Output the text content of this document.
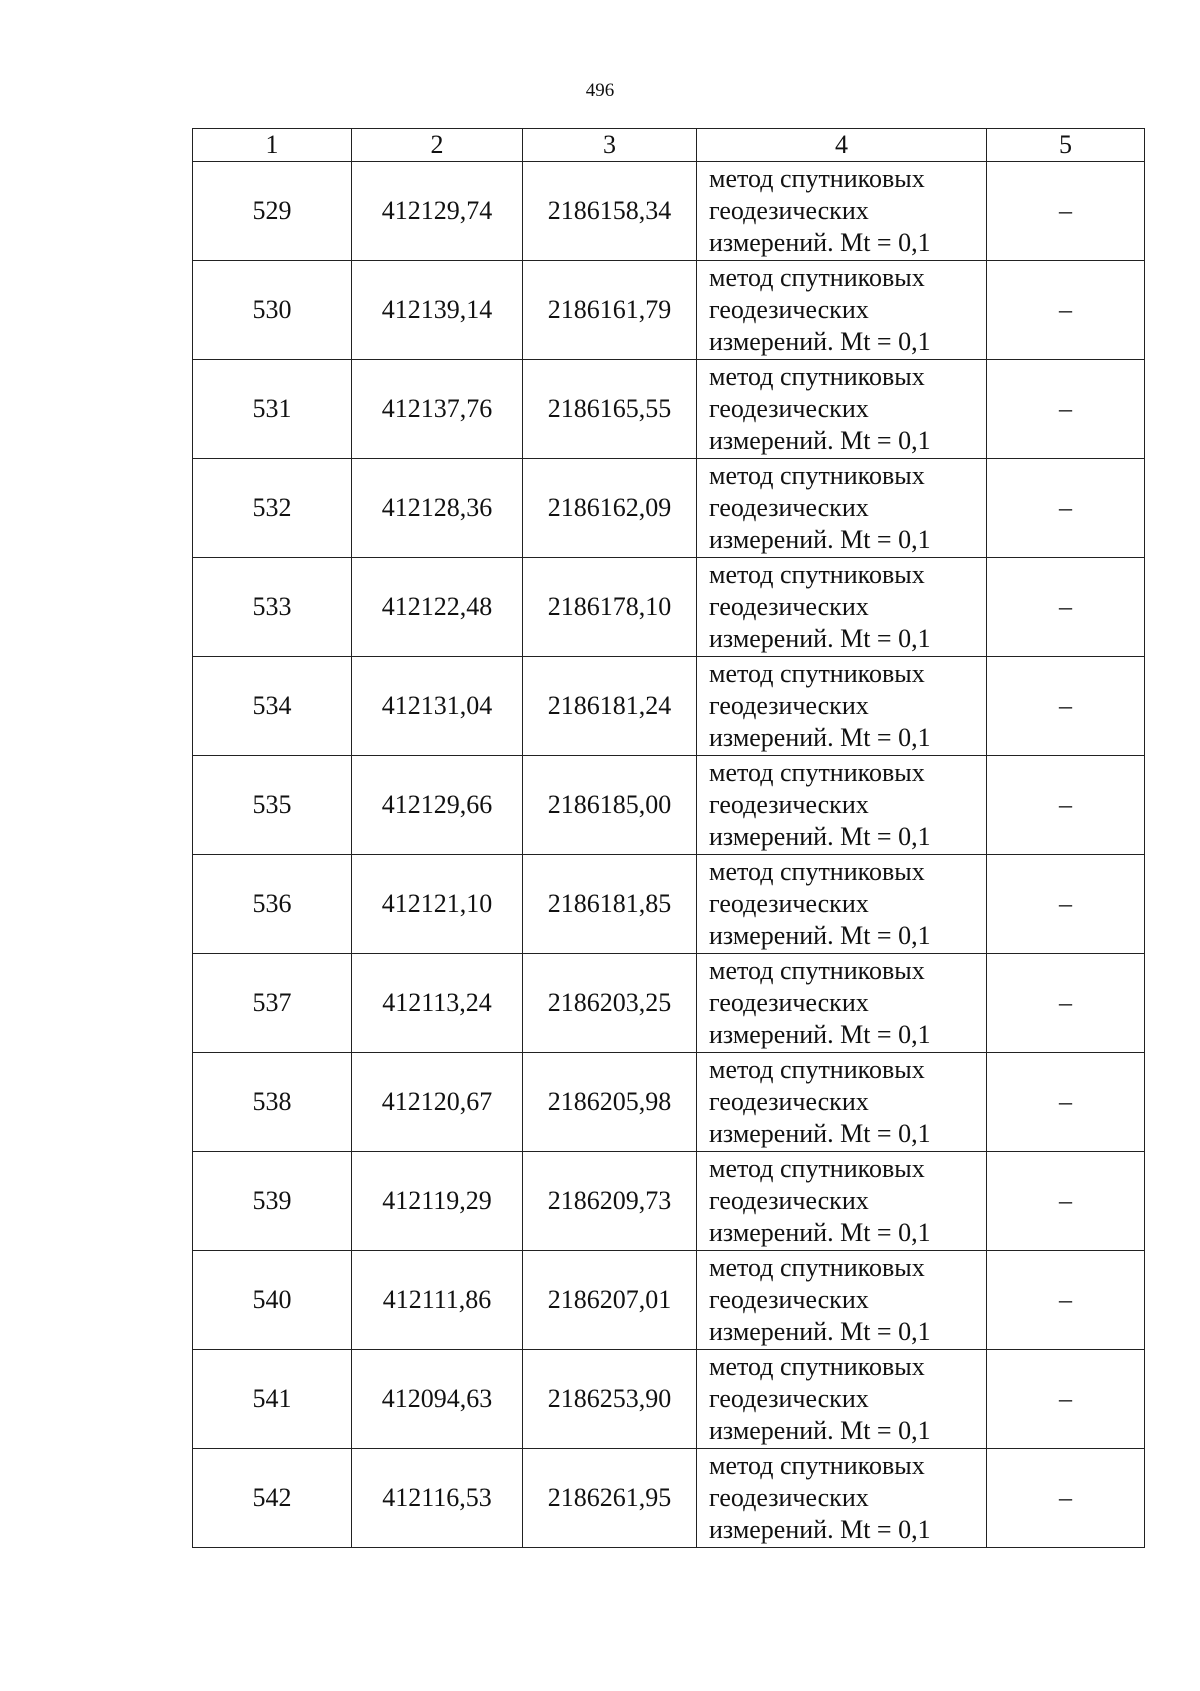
496
1	2	3	4	5
529	412129,74	2186158,34	метод спутниковых
геодезических
измерений. Mt = 0,1	–
530	412139,14	2186161,79	метод спутниковых
геодезических
измерений. Mt = 0,1	–
531	412137,76	2186165,55	метод спутниковых
геодезических
измерений. Mt = 0,1	–
532	412128,36	2186162,09	метод спутниковых
геодезических
измерений. Mt = 0,1	–
533	412122,48	2186178,10	метод спутниковых
геодезических
измерений. Mt = 0,1	–
534	412131,04	2186181,24	метод спутниковых
геодезических
измерений. Mt = 0,1	–
535	412129,66	2186185,00	метод спутниковых
геодезических
измерений. Mt = 0,1	–
536	412121,10	2186181,85	метод спутниковых
геодезических
измерений. Mt = 0,1	–
537	412113,24	2186203,25	метод спутниковых
геодезических
измерений. Mt = 0,1	–
538	412120,67	2186205,98	метод спутниковых
геодезических
измерений. Mt = 0,1	–
539	412119,29	2186209,73	метод спутниковых
геодезических
измерений. Mt = 0,1	–
540	412111,86	2186207,01	метод спутниковых
геодезических
измерений. Mt = 0,1	–
541	412094,63	2186253,90	метод спутниковых
геодезических
измерений. Mt = 0,1	–
542	412116,53	2186261,95	метод спутниковых
геодезических
измерений. Mt = 0,1	–
